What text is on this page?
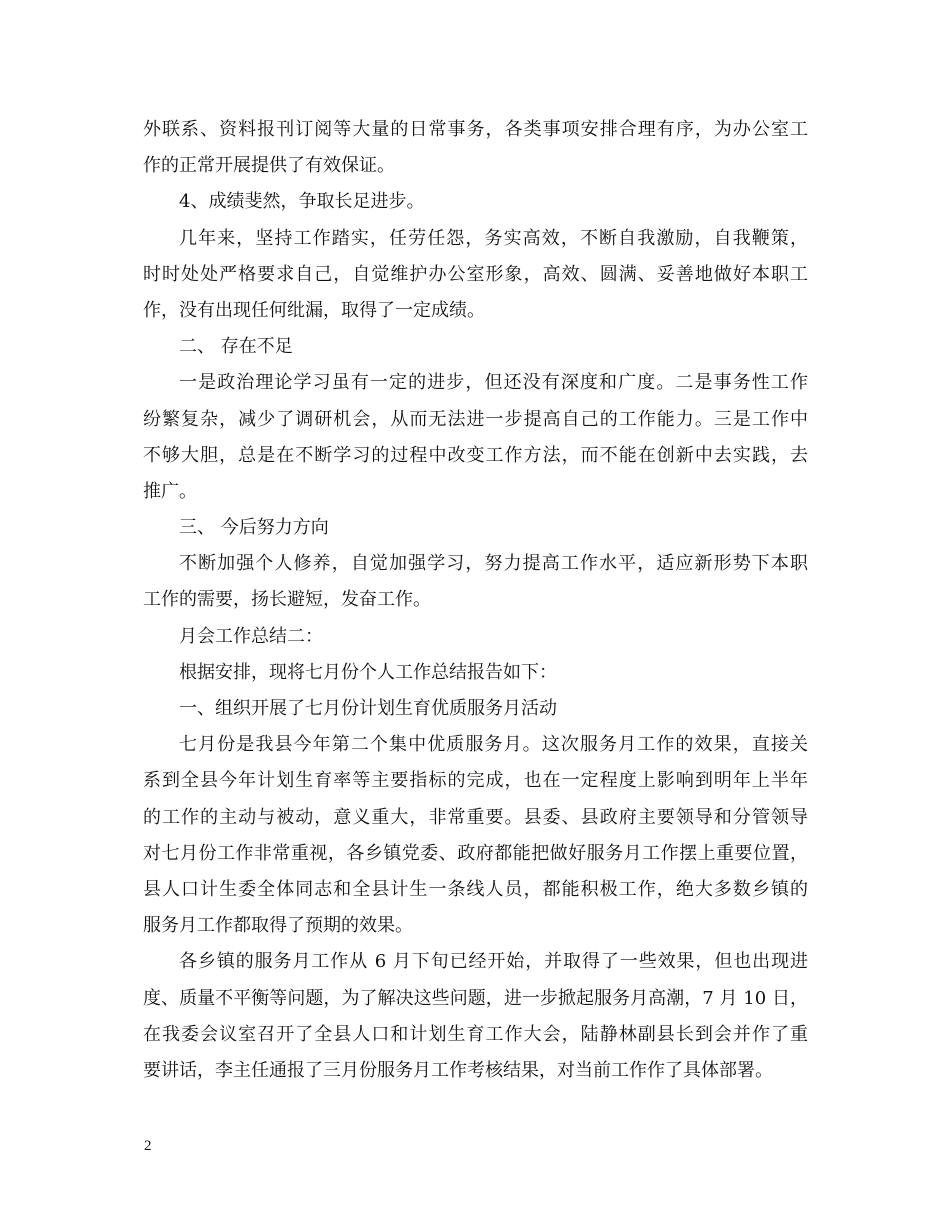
外联系、资料报刊订阅等大量的日常事务，各类事项安排合理有序，为办公室工
作的正常开展提供了有效保证。
4、成绩斐然，争取长足进步。
几年来，坚持工作踏实，任劳任怨，务实高效，不断自我激励，自我鞭策，
时时处处严格要求自己，自觉维护办公室形象，高效、圆满、妥善地做好本职工
作，没有出现任何纰漏，取得了一定成绩。
二、 存在不足
一是政治理论学习虽有一定的进步，但还没有深度和广度。二是事务性工作
纷繁复杂，减少了调研机会，从而无法进一步提高自己的工作能力。三是工作中
不够大胆，总是在不断学习的过程中改变工作方法，而不能在创新中去实践，去
推广。
三、 今后努力方向
不断加强个人修养，自觉加强学习，努力提高工作水平，适应新形势下本职
工作的需要，扬长避短，发奋工作。
月会工作总结二：
根据安排，现将七月份个人工作总结报告如下：
一、组织开展了七月份计划生育优质服务月活动
七月份是我县今年第二个集中优质服务月。这次服务月工作的效果，直接关
系到全县今年计划生育率等主要指标的完成，也在一定程度上影响到明年上半年
的工作的主动与被动，意义重大，非常重要。县委、县政府主要领导和分管领导
对七月份工作非常重视，各乡镇党委、政府都能把做好服务月工作摆上重要位置，
县人口计生委全体同志和全县计生一条线人员，都能积极工作，绝大多数乡镇的
服务月工作都取得了预期的效果。
各乡镇的服务月工作从 6 月下旬已经开始，并取得了一些效果，但也出现进
度、质量不平衡等问题，为了解决这些问题，进一步掀起服务月高潮，7 月 10 日，
在我委会议室召开了全县人口和计划生育工作大会，陆静林副县长到会并作了重
要讲话，李主任通报了三月份服务月工作考核结果，对当前工作作了具体部署。
2
